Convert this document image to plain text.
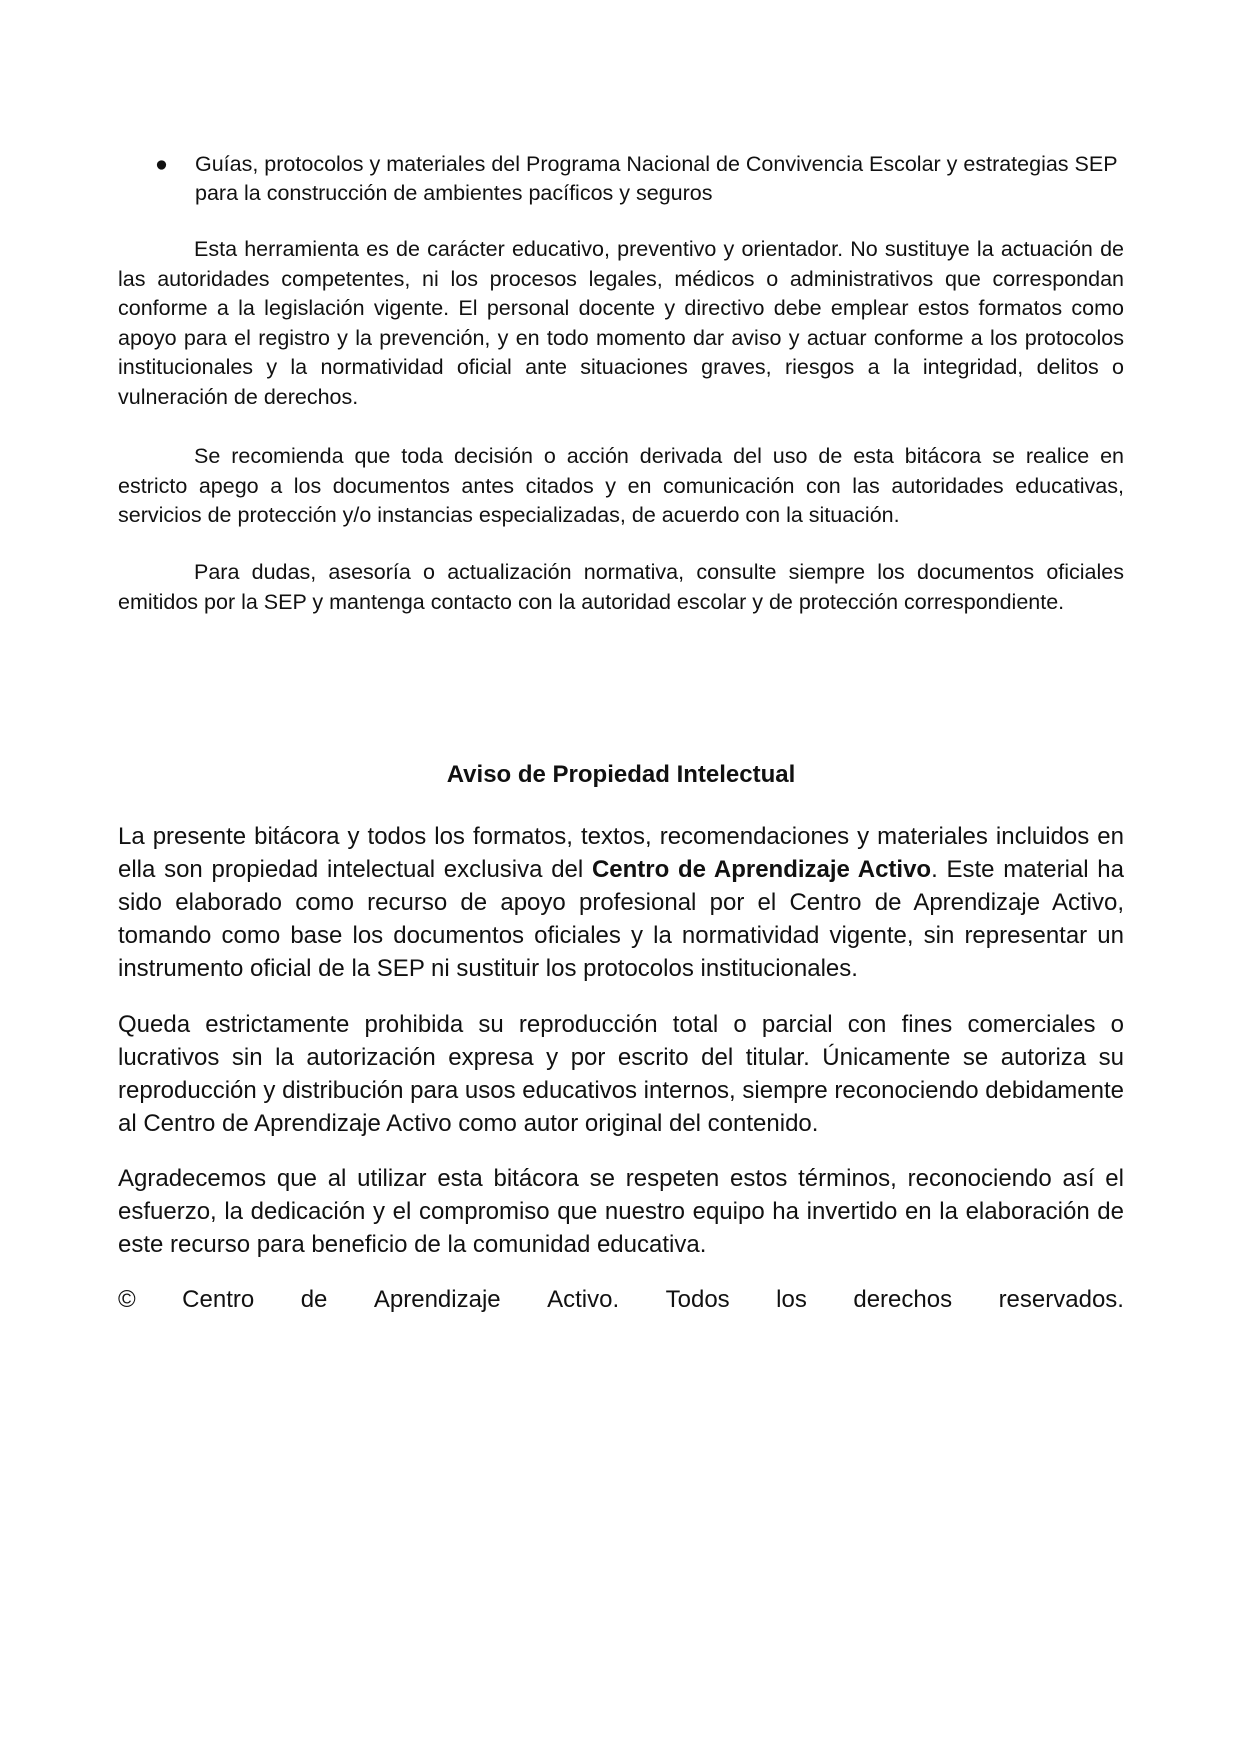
● Guías, protocolos y materiales del Programa Nacional de Convivencia Escolar y estrategias SEP para la construcción de ambientes pacíficos y seguros

Esta herramienta es de carácter educativo, preventivo y orientador. No sustituye la actuación de las autoridades competentes, ni los procesos legales, médicos o administrativos que correspondan conforme a la legislación vigente. El personal docente y directivo debe emplear estos formatos como apoyo para el registro y la prevención, y en todo momento dar aviso y actuar conforme a los protocolos institucionales y la normatividad oficial ante situaciones graves, riesgos a la integridad, delitos o vulneración de derechos.

Se recomienda que toda decisión o acción derivada del uso de esta bitácora se realice en estricto apego a los documentos antes citados y en comunicación con las autoridades educativas, servicios de protección y/o instancias especializadas, de acuerdo con la situación.

Para dudas, asesoría o actualización normativa, consulte siempre los documentos oficiales emitidos por la SEP y mantenga contacto con la autoridad escolar y de protección correspondiente.

Aviso de Propiedad Intelectual

La presente bitácora y todos los formatos, textos, recomendaciones y materiales incluidos en ella son propiedad intelectual exclusiva del Centro de Aprendizaje Activo. Este material ha sido elaborado como recurso de apoyo profesional por el Centro de Aprendizaje Activo, tomando como base los documentos oficiales y la normatividad vigente, sin representar un instrumento oficial de la SEP ni sustituir los protocolos institucionales.

Queda estrictamente prohibida su reproducción total o parcial con fines comerciales o lucrativos sin la autorización expresa y por escrito del titular. Únicamente se autoriza su reproducción y distribución para usos educativos internos, siempre reconociendo debidamente al Centro de Aprendizaje Activo como autor original del contenido.

Agradecemos que al utilizar esta bitácora se respeten estos términos, reconociendo así el esfuerzo, la dedicación y el compromiso que nuestro equipo ha invertido en la elaboración de este recurso para beneficio de la comunidad educativa.

© Centro de Aprendizaje Activo. Todos los derechos reservados.
